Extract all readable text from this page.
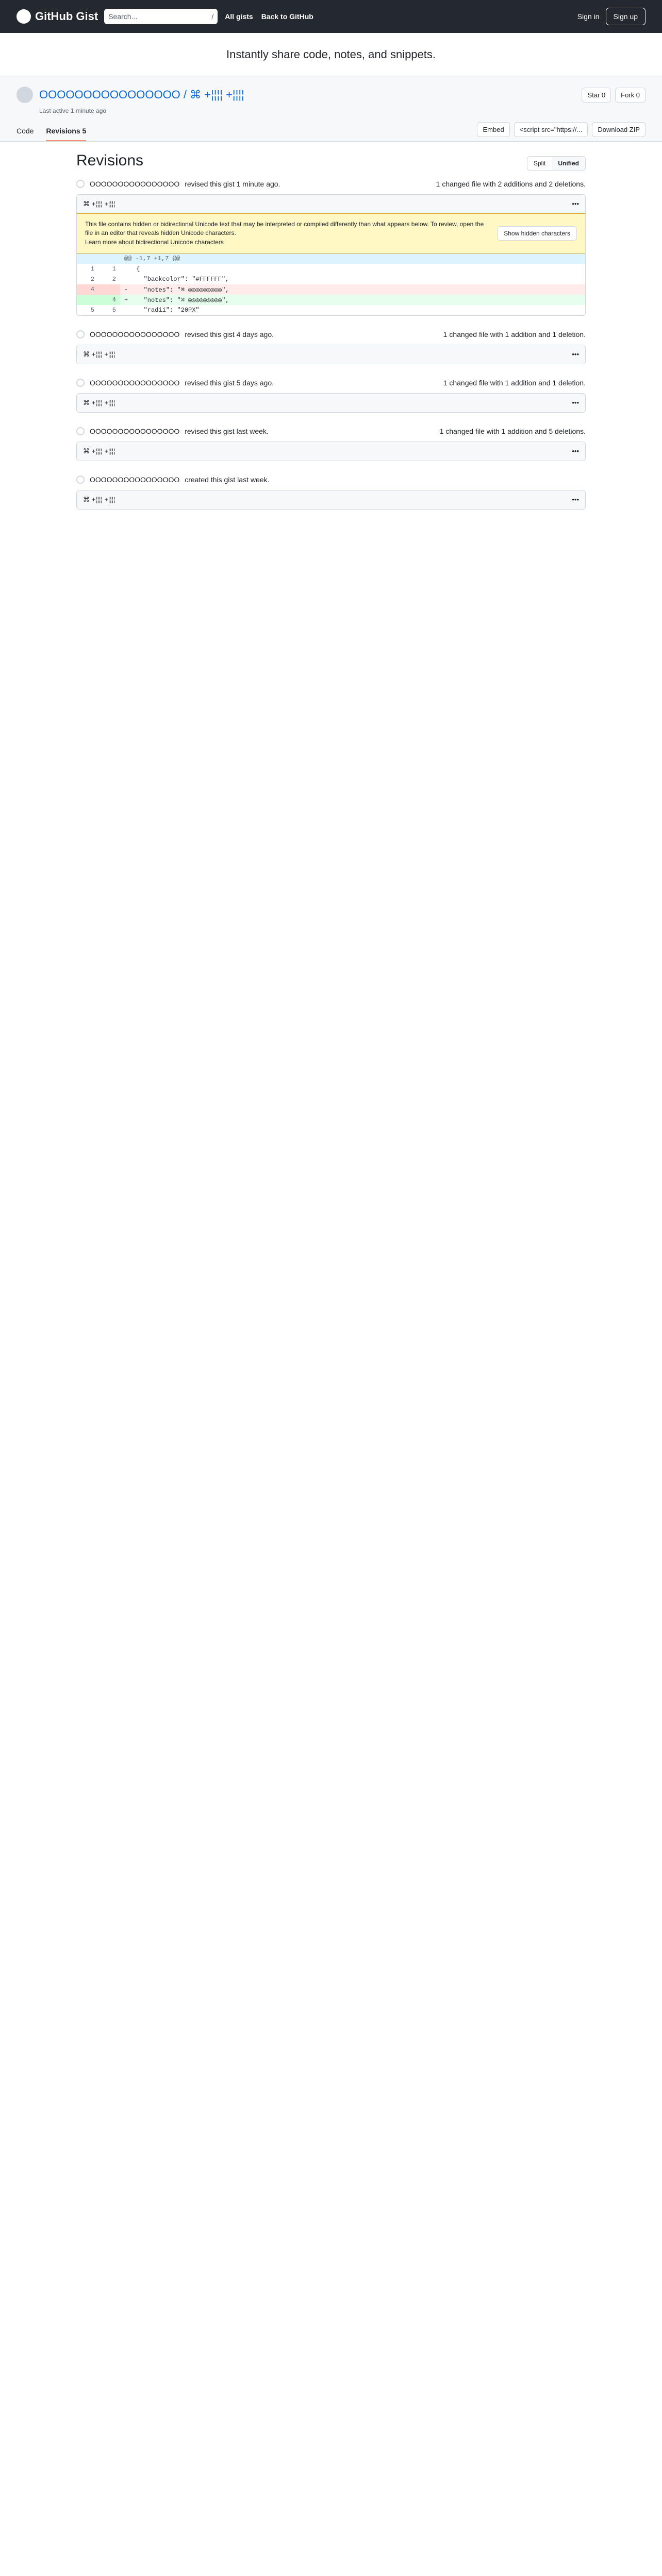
GitHub Gist Search...	/ All gists Back to GitHub	Sign in	Sign up
Instantly share code, notes, and snippets.
OOOOOOOOOOOOOOOO / ⌘ +¦¦¦¦ +¦¦¦¦	Star 0	Fork 0
Last active 1 minute ago
Code Revisions 5	Embed	<script src="https://...	Download ZIP
Revisions	Split	Unified
OOOOOOOOOOOOOOOO revised this gist 1 minute ago.	1 changed file with 2 additions and 2 deletions.
⌘ +¦¦¦¦ +¦¦¦¦	•••

This file contains hidden or bidirectional Unicode text that may be interpreted or compiled differently than what appears below. To review, open the file in an editor that reveals hidden Unicode characters.
Learn more about bidirectional Unicode characters

Show hidden characters
		@@ -1,7 +1,7 @@	
1	1		{
2	2		"backcolor": "#FFFFFF",
4		-	"notes": "⌘ ◎◎◎◎◎◎◎◎◎",
	4	+	"notes": "⌘ ◎◎◎◎◎◎◎◎◎",
5	5		"radii": "20PX"
OOOOOOOOOOOOOOOO revised this gist 4 days ago.	1 changed file with 1 addition and 1 deletion.
⌘ +¦¦¦¦ +¦¦¦¦	•••
OOOOOOOOOOOOOOOO revised this gist 5 days ago.	1 changed file with 1 addition and 1 deletion.
⌘ +¦¦¦¦ +¦¦¦¦	•••
OOOOOOOOOOOOOOOO revised this gist last week.	1 changed file with 1 addition and 5 deletions.
⌘ +¦¦¦¦ +¦¦¦¦	•••
OOOOOOOOOOOOOOOO created this gist last week.
⌘ +¦¦¦¦ +¦¦¦¦	•••
